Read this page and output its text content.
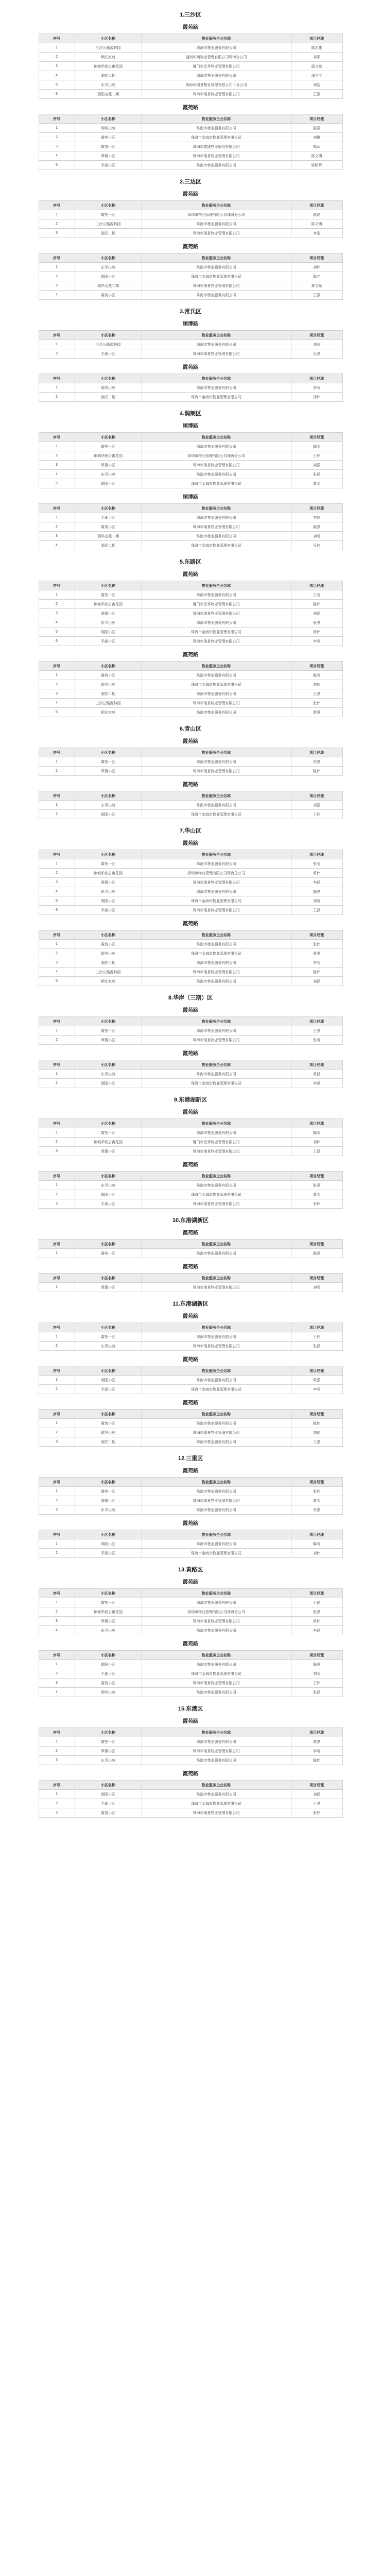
1.三沙区
霞苑路
序号	小区名称	物业服务企业名称	项目经理
1	三沙公路源林园	珠海市物业服务有限公司	陈志雄
2	顺安家苑	湖南华润物业管理有限公司珠海分公司	刘平
3	锦城华庭公寓花园	厦门市民华物业管理有限公司	温文斌
4	湖光二期	珠海市物业服务有限公司	潘立平
5	东平山苑	珠海市瑞景物业管理有限公司二分公司	刘浩
6	瑞阳山苑二期	珠海市瑞景物业管理有限公司	王强
霞苑路
序号	小区名称	物业服务企业名称	项目经理
1	瑞华山苑	珠海市物业服务有限公司	陈强
2	霞苑小区	珠海市金海岸物业管理有限公司	刘璐
3	霞湾小区	珠海市富康物业服务有限公司	郭武
4	翠微小区	珠海市瑞景物业管理有限公司	陈文明
5	平湖小区	珠海市物业服务有限公司	梁明辉
2.三达区
霞苑路
序号	小区名称	物业服务企业名称	项目经理
1	霞苑一区	深圳市物业管理有限公司珠海分公司	谢磊
2	三沙公路源林园	珠海市物业服务有限公司	陈文明
3	湖光二期	珠海市瑞景物业管理有限公司	李刚
霞苑路
序号	小区名称	物业服务企业名称	项目经理
1	东平山苑	珠海市物业服务有限公司	刘伟
2	瑞阳小区	珠海市金海岸物业管理有限公司	陈立
3	瑞华山苑二期	珠海市瑞景物业管理有限公司	黄文斌
4	霞湾小区	珠海市物业服务有限公司	王强
3.常氏区
顾博路
序号	小区名称	物业服务企业名称	项目经理
1	三沙公路源林园	珠海市物业服务有限公司	刘浩
2	平湖小区	珠海市瑞景物业管理有限公司	吴强
霞苑路
序号	小区名称	物业服务企业名称	项目经理
1	瑞华山苑	珠海市物业服务有限公司	李明
2	湖光二期	珠海市金海岸物业管理有限公司	郑伟
4.润朗区
顾博路
序号	小区名称	物业服务企业名称	项目经理
1	霞苑一区	珠海市物业服务有限公司	陈明
2	锦城华庭公寓花园	深圳市物业管理有限公司珠海分公司	王伟
3	翠微小区	珠海市瑞景物业管理有限公司	刘强
4	东平山苑	珠海市物业服务有限公司	张磊
5	瑞阳小区	珠海市金海岸物业管理有限公司	黄明
顾博路
序号	小区名称	物业服务企业名称	项目经理
1	平湖小区	珠海市物业服务有限公司	李伟
2	霞湾小区	珠海市瑞景物业管理有限公司	陈强
3	瑞华山苑二期	珠海市物业服务有限公司	刘明
4	湖光二期	珠海市金海岸物业管理有限公司	吴伟
5.东路区
霞苑路
序号	小区名称	物业服务企业名称	项目经理
1	霞苑一区	珠海市物业服务有限公司	王明
2	锦城华庭公寓花园	厦门市民华物业管理有限公司	陈伟
3	翠微小区	珠海市瑞景物业管理有限公司	刘磊
4	东平山苑	珠海市物业服务有限公司	张强
5	瑞阳小区	珠海市金海岸物业管理有限公司	黄伟
6	平湖小区	珠海市瑞景物业管理有限公司	李明
霞苑路
序号	小区名称	物业服务企业名称	项目经理
1	霞湾小区	珠海市物业服务有限公司	陈明
2	瑞华山苑	珠海市金海岸物业管理有限公司	刘伟
3	湖光二期	珠海市物业服务有限公司	王强
4	三沙公路源林园	珠海市瑞景物业管理有限公司	张伟
5	顺安家苑	珠海市物业服务有限公司	黄强
6.青山区
霞苑路
序号	小区名称	物业服务企业名称	项目经理
1	霞苑一区	珠海市物业服务有限公司	李强
2	翠微小区	珠海市瑞景物业管理有限公司	陈伟
霞苑路
序号	小区名称	物业服务企业名称	项目经理
1	东平山苑	珠海市物业服务有限公司	刘强
2	瑞阳小区	珠海市金海岸物业管理有限公司	王伟
7.华山区
霞苑路
序号	小区名称	物业服务企业名称	项目经理
1	霞苑一区	珠海市物业服务有限公司	张明
2	锦城华庭公寓花园	深圳市物业管理有限公司珠海分公司	黄伟
3	翠微小区	珠海市瑞景物业管理有限公司	李磊
4	东平山苑	珠海市物业服务有限公司	陈强
5	瑞阳小区	珠海市金海岸物业管理有限公司	刘明
6	平湖小区	珠海市瑞景物业管理有限公司	王磊
霞苑路
序号	小区名称	物业服务企业名称	项目经理
1	霞湾小区	珠海市物业服务有限公司	张伟
2	瑞华山苑	珠海市金海岸物业管理有限公司	黄强
3	湖光二期	珠海市物业服务有限公司	李明
4	三沙公路源林园	珠海市瑞景物业管理有限公司	陈伟
5	顺安家苑	珠海市物业服务有限公司	刘磊
8.华岸（三期）区
霞苑路
序号	小区名称	物业服务企业名称	项目经理
1	霞苑一区	珠海市物业服务有限公司	王强
2	翠微小区	珠海市瑞景物业管理有限公司	张明
霞苑路
序号	小区名称	物业服务企业名称	项目经理
1	东平山苑	珠海市物业服务有限公司	黄磊
2	瑞阳小区	珠海市金海岸物业管理有限公司	李强
9.东港湖新区
霞苑路
序号	小区名称	物业服务企业名称	项目经理
1	霞苑一区	珠海市物业服务有限公司	陈明
2	锦城华庭公寓花园	厦门市民华物业管理有限公司	刘伟
3	翠微小区	珠海市瑞景物业管理有限公司	王磊
霞苑路
序号	小区名称	物业服务企业名称	项目经理
1	东平山苑	珠海市物业服务有限公司	张强
2	瑞阳小区	珠海市金海岸物业管理有限公司	黄明
3	平湖小区	珠海市瑞景物业管理有限公司	李伟
10.东港湖新区
霞苑路
序号	小区名称	物业服务企业名称	项目经理
1	霞苑一区	珠海市物业服务有限公司	陈强
霞苑路
序号	小区名称	物业服务企业名称	项目经理
1	翠微小区	珠海市瑞景物业管理有限公司	刘明
11.东港湖新区
霞苑路
序号	小区名称	物业服务企业名称	项目经理
1	霞苑一区	珠海市物业服务有限公司	王伟
2	东平山苑	珠海市瑞景物业管理有限公司	张磊
霞苑路
序号	小区名称	物业服务企业名称	项目经理
1	瑞阳小区	珠海市物业服务有限公司	黄强
2	平湖小区	珠海市金海岸物业管理有限公司	李明
霞苑路
序号	小区名称	物业服务企业名称	项目经理
1	霞湾小区	珠海市物业服务有限公司	陈伟
2	瑞华山苑	珠海市瑞景物业管理有限公司	刘磊
3	湖光二期	珠海市物业服务有限公司	王强
12.三重区
霞苑路
序号	小区名称	物业服务企业名称	项目经理
1	霞苑一区	珠海市物业服务有限公司	张伟
2	翠微小区	珠海市瑞景物业管理有限公司	黄明
3	东平山苑	珠海市物业服务有限公司	李强
霞苑路
序号	小区名称	物业服务企业名称	项目经理
1	瑞阳小区	珠海市物业服务有限公司	陈明
2	平湖小区	珠海市金海岸物业管理有限公司	刘伟
13.黄路区
霞苑路
序号	小区名称	物业服务企业名称	项目经理
1	霞苑一区	珠海市物业服务有限公司	王磊
2	锦城华庭公寓花园	深圳市物业管理有限公司珠海分公司	张强
3	翠微小区	珠海市瑞景物业管理有限公司	黄伟
4	东平山苑	珠海市物业服务有限公司	李磊
霞苑路
序号	小区名称	物业服务企业名称	项目经理
1	瑞阳小区	珠海市物业服务有限公司	陈强
2	平湖小区	珠海市金海岸物业管理有限公司	刘明
3	霞湾小区	珠海市瑞景物业管理有限公司	王伟
4	瑞华山苑	珠海市物业服务有限公司	张磊
15.东港区
霞苑路
序号	小区名称	物业服务企业名称	项目经理
1	霞苑一区	珠海市物业服务有限公司	黄强
2	翠微小区	珠海市瑞景物业管理有限公司	李明
3	东平山苑	珠海市物业服务有限公司	陈伟
霞苑路
序号	小区名称	物业服务企业名称	项目经理
1	瑞阳小区	珠海市物业服务有限公司	刘磊
2	平湖小区	珠海市金海岸物业管理有限公司	王强
3	霞湾小区	珠海市瑞景物业管理有限公司	张伟
